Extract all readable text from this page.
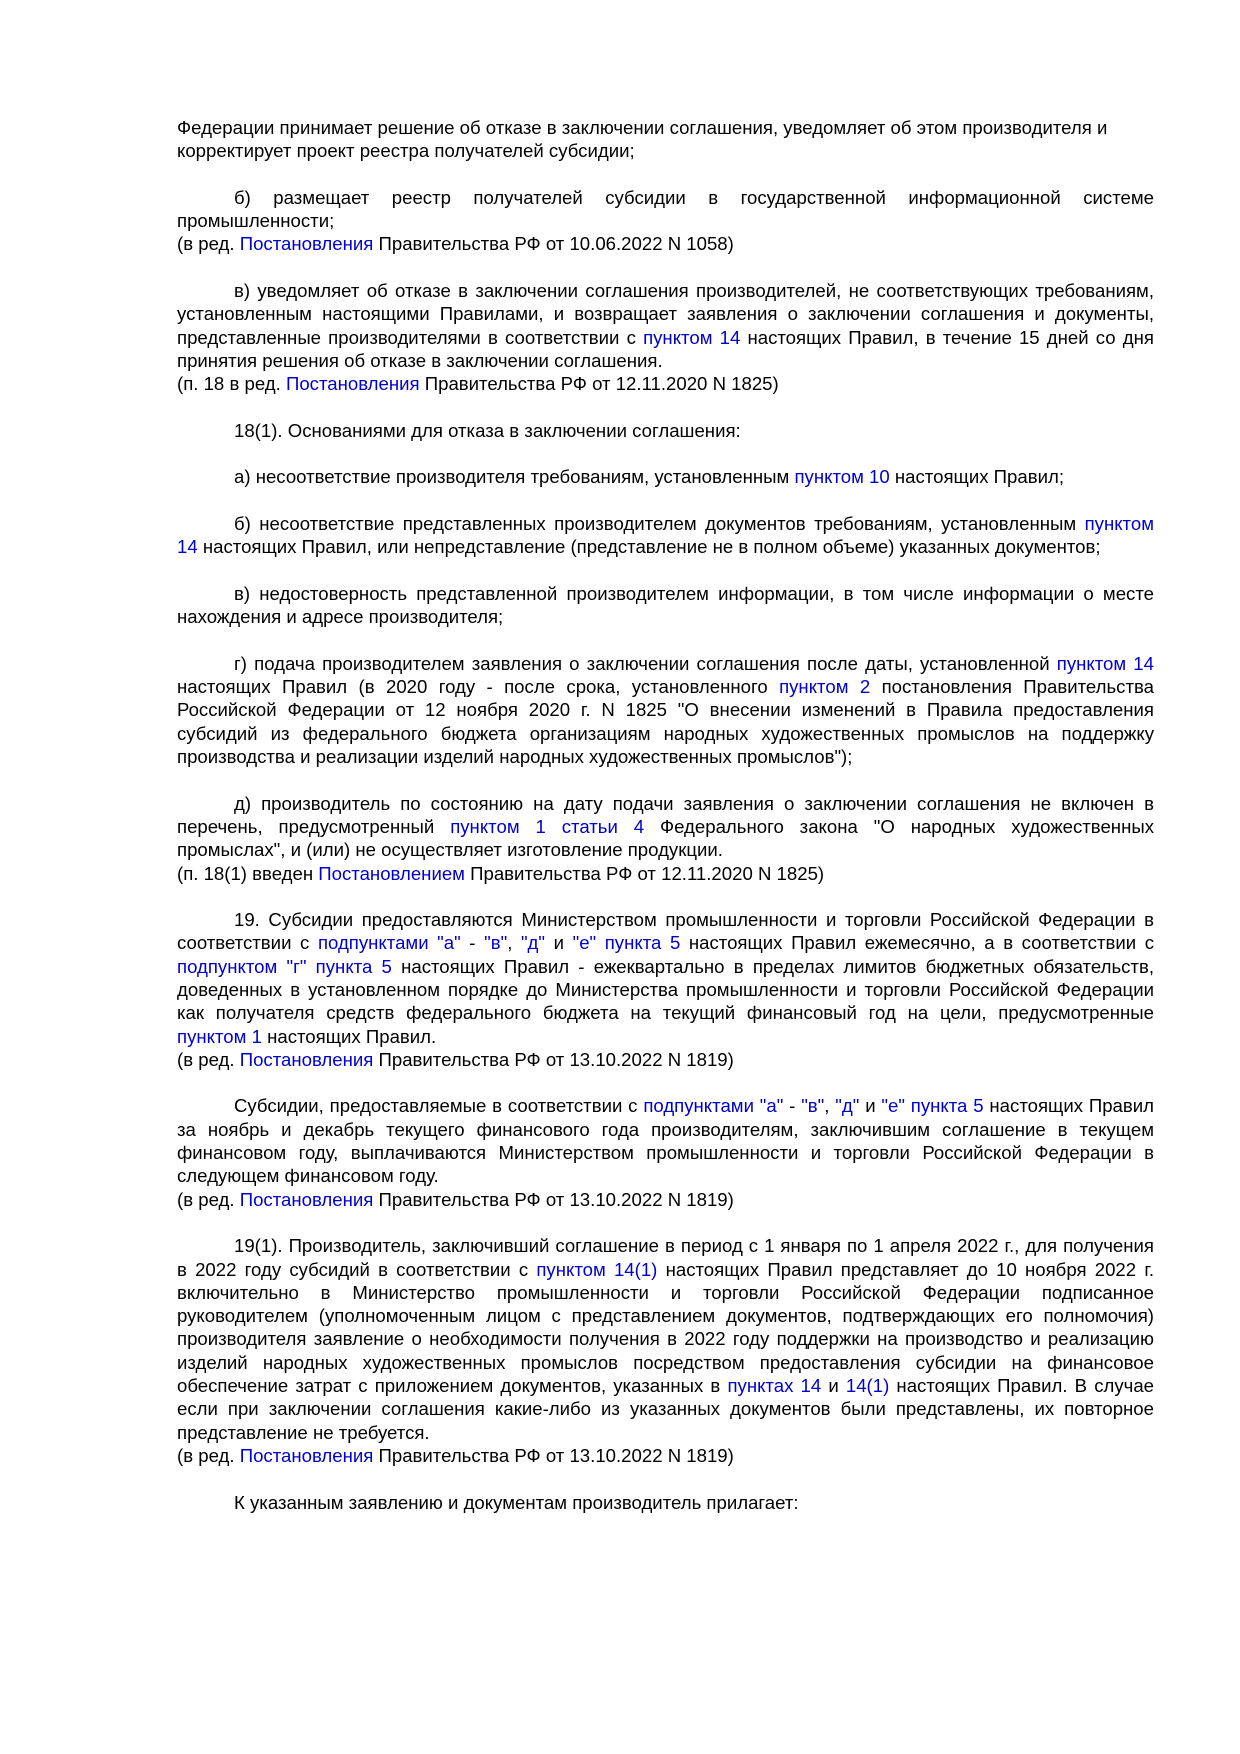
Федерации принимает решение об отказе в заключении соглашения, уведомляет об этом производителя и корректирует проект реестра получателей субсидии;

б) размещает реестр получателей субсидии в государственной информационной системе промышленности;

(в ред. Постановления Правительства РФ от 10.06.2022 N 1058)

в) уведомляет об отказе в заключении соглашения производителей, не соответствующих требованиям, установленным настоящими Правилами, и возвращает заявления о заключении соглашения и документы, представленные производителями в соответствии с пунктом 14 настоящих Правил, в течение 15 дней со дня принятия решения об отказе в заключении соглашения.

(п. 18 в ред. Постановления Правительства РФ от 12.11.2020 N 1825)

18(1). Основаниями для отказа в заключении соглашения:

а) несоответствие производителя требованиям, установленным пунктом 10 настоящих Правил;

б) несоответствие представленных производителем документов требованиям, установленным пунктом 14 настоящих Правил, или непредставление (представление не в полном объеме) указанных документов;

в) недостоверность представленной производителем информации, в том числе информации о месте нахождения и адресе производителя;

г) подача производителем заявления о заключении соглашения после даты, установленной пунктом 14 настоящих Правил (в 2020 году - после срока, установленного пунктом 2 постановления Правительства Российской Федерации от 12 ноября 2020 г. N 1825 "О внесении изменений в Правила предоставления субсидий из федерального бюджета организациям народных художественных промыслов на поддержку производства и реализации изделий народных художественных промыслов");

д) производитель по состоянию на дату подачи заявления о заключении соглашения не включен в перечень, предусмотренный пунктом 1 статьи 4 Федерального закона "О народных художественных промыслах", и (или) не осуществляет изготовление продукции.

(п. 18(1) введен Постановлением Правительства РФ от 12.11.2020 N 1825)

19. Субсидии предоставляются Министерством промышленности и торговли Российской Федерации в соответствии с подпунктами "а" - "в", "д" и "е" пункта 5 настоящих Правил ежемесячно, а в соответствии с подпунктом "г" пункта 5 настоящих Правил - ежеквартально в пределах лимитов бюджетных обязательств, доведенных в установленном порядке до Министерства промышленности и торговли Российской Федерации как получателя средств федерального бюджета на текущий финансовый год на цели, предусмотренные пунктом 1 настоящих Правил.

(в ред. Постановления Правительства РФ от 13.10.2022 N 1819)

Субсидии, предоставляемые в соответствии с подпунктами "а" - "в", "д" и "е" пункта 5 настоящих Правил за ноябрь и декабрь текущего финансового года производителям, заключившим соглашение в текущем финансовом году, выплачиваются Министерством промышленности и торговли Российской Федерации в следующем финансовом году.

(в ред. Постановления Правительства РФ от 13.10.2022 N 1819)

19(1). Производитель, заключивший соглашение в период с 1 января по 1 апреля 2022 г., для получения в 2022 году субсидий в соответствии с пунктом 14(1) настоящих Правил представляет до 10 ноября 2022 г. включительно в Министерство промышленности и торговли Российской Федерации подписанное руководителем (уполномоченным лицом с представлением документов, подтверждающих его полномочия) производителя заявление о необходимости получения в 2022 году поддержки на производство и реализацию изделий народных художественных промыслов посредством предоставления субсидии на финансовое обеспечение затрат с приложением документов, указанных в пунктах 14 и 14(1) настоящих Правил. В случае если при заключении соглашения какие-либо из указанных документов были представлены, их повторное представление не требуется.

(в ред. Постановления Правительства РФ от 13.10.2022 N 1819)

К указанным заявлению и документам производитель прилагает:
